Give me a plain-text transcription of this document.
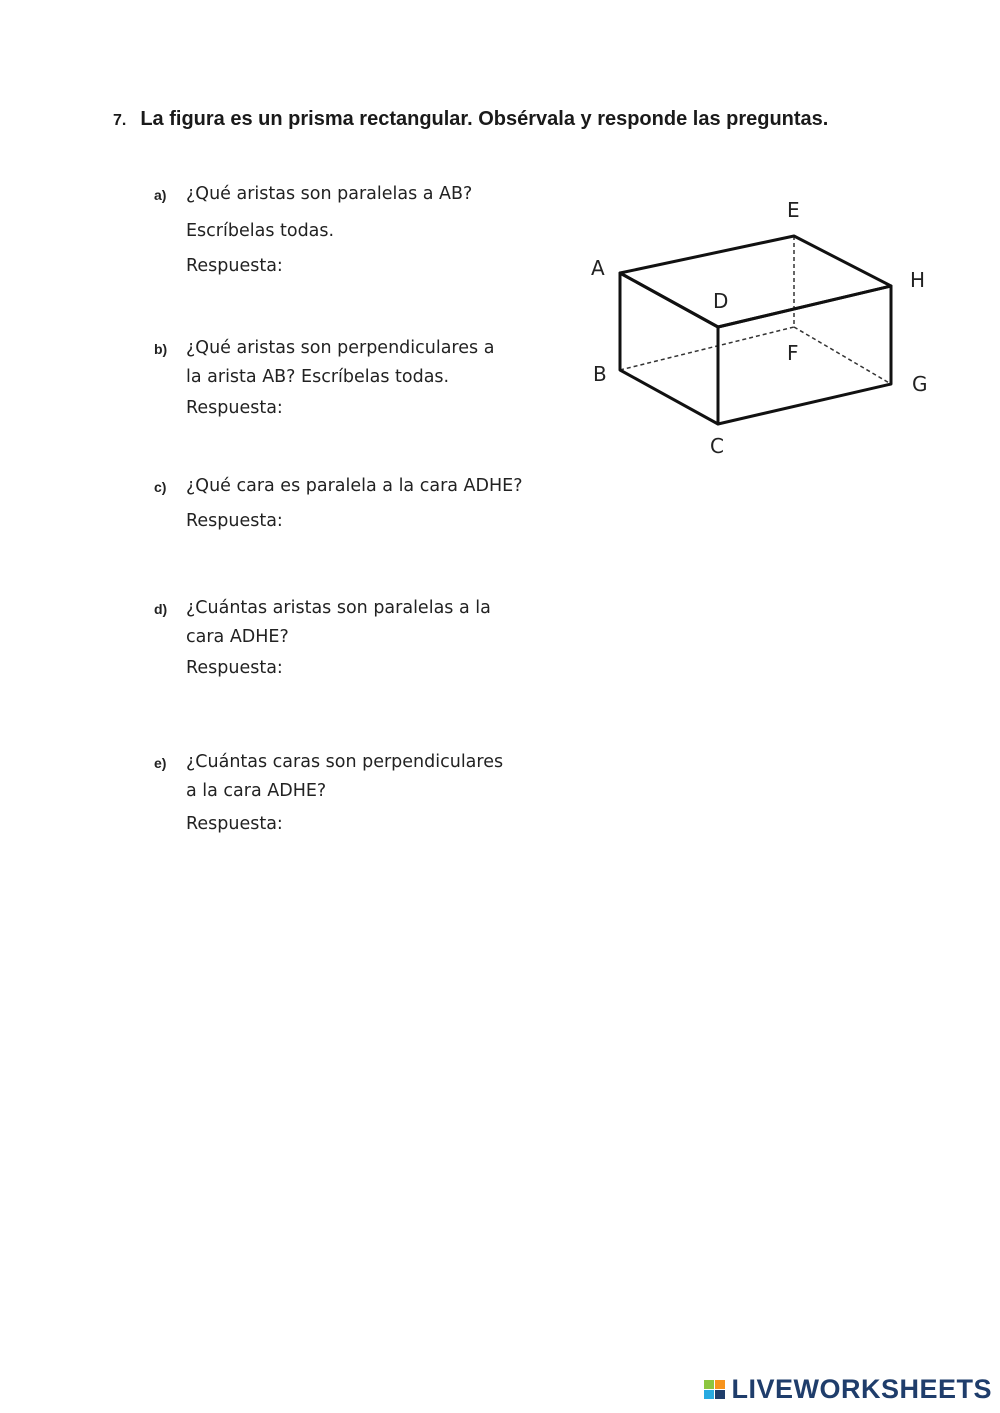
7. La figura es un prisma rectangular. Obsérvala y responde las preguntas.
a) ¿Qué aristas son paralelas a AB?
Escríbelas todas.
Respuesta:
b) ¿Qué aristas son perpendiculares a
la arista AB? Escríbelas todas.
Respuesta:
c) ¿Qué cara es paralela a la cara ADHE?
Respuesta:
d) ¿Cuántas aristas son paralelas a la
cara ADHE?
Respuesta:
e) ¿Cuántas caras son perpendiculares
a la cara ADHE?
Respuesta:
A
B
C
D
E
F
G
H
LIVEWORKSHEETS
